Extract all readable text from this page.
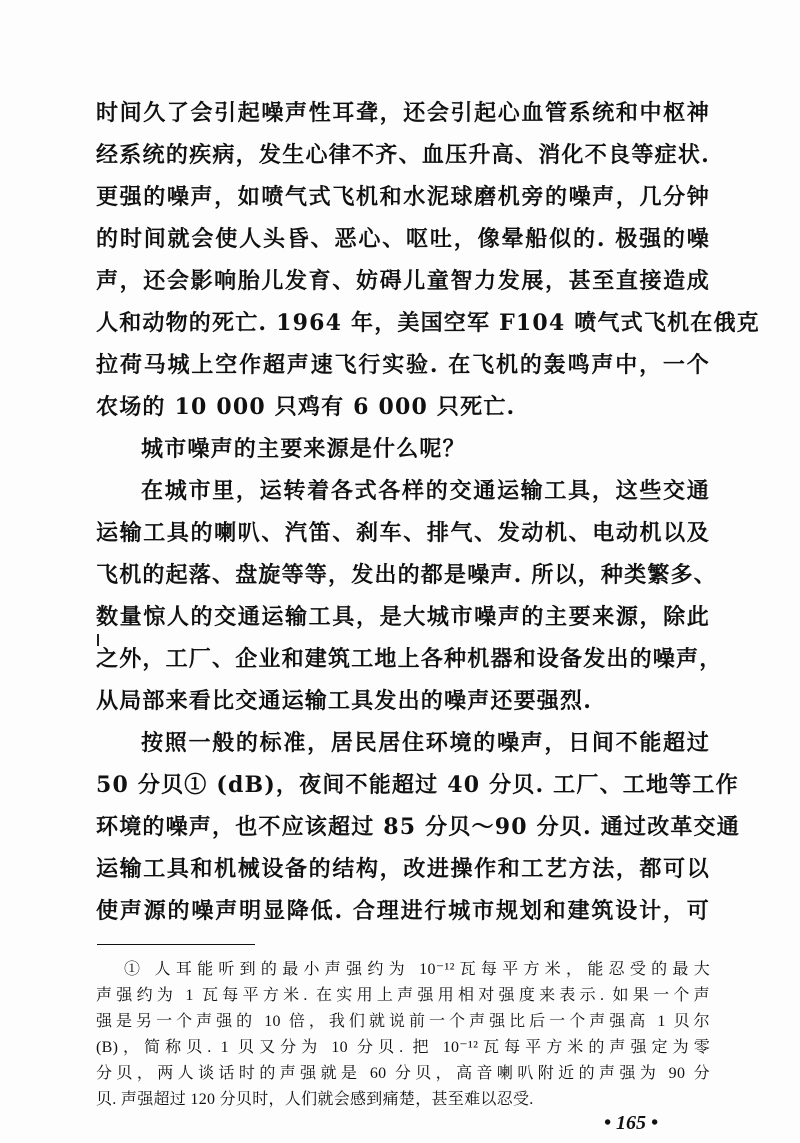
时间久了会引起噪声性耳聋，还会引起心血管系统和中枢神
经系统的疾病，发生心律不齐、血压升高、消化不良等症状.
更强的噪声，如喷气式飞机和水泥球磨机旁的噪声，几分钟
的时间就会使人头昏、恶心、呕吐，像晕船似的. 极强的噪
声，还会影响胎儿发育、妨碍儿童智力发展，甚至直接造成
人和动物的死亡. 1964 年，美国空军 F104 喷气式飞机在俄克
拉荷马城上空作超声速飞行实验. 在飞机的轰鸣声中，一个
农场的 10 000 只鸡有 6 000 只死亡.
城市噪声的主要来源是什么呢？
在城市里，运转着各式各样的交通运输工具，这些交通
运输工具的喇叭、汽笛、刹车、排气、发动机、电动机以及
飞机的起落、盘旋等等，发出的都是噪声. 所以，种类繁多、
数量惊人的交通运输工具，是大城市噪声的主要来源，除此
之外，工厂、企业和建筑工地上各种机器和设备发出的噪声，
从局部来看比交通运输工具发出的噪声还要强烈.
按照一般的标准，居民居住环境的噪声，日间不能超过
50 分贝① (dB)，夜间不能超过 40 分贝. 工厂、工地等工作
环境的噪声，也不应该超过 85 分贝～90 分贝. 通过改革交通
运输工具和机械设备的结构，改进操作和工艺方法，都可以
使声源的噪声明显降低. 合理进行城市规划和建筑设计，可
① 人耳能听到的最小声强约为 10⁻¹²瓦每平方米，能忍受的最大
声强约为 1 瓦每平方米. 在实用上声强用相对强度来表示. 如果一个声
强是另一个声强的 10 倍，我们就说前一个声强比后一个声强高 1 贝尔
(B)，简称贝. 1 贝又分为 10 分贝. 把 10⁻¹²瓦每平方米的声强定为零
分贝，两人谈话时的声强就是 60 分贝，高音喇叭附近的声强为 90 分
贝. 声强超过 120 分贝时，人们就会感到痛楚，甚至难以忍受.
• 165 •
